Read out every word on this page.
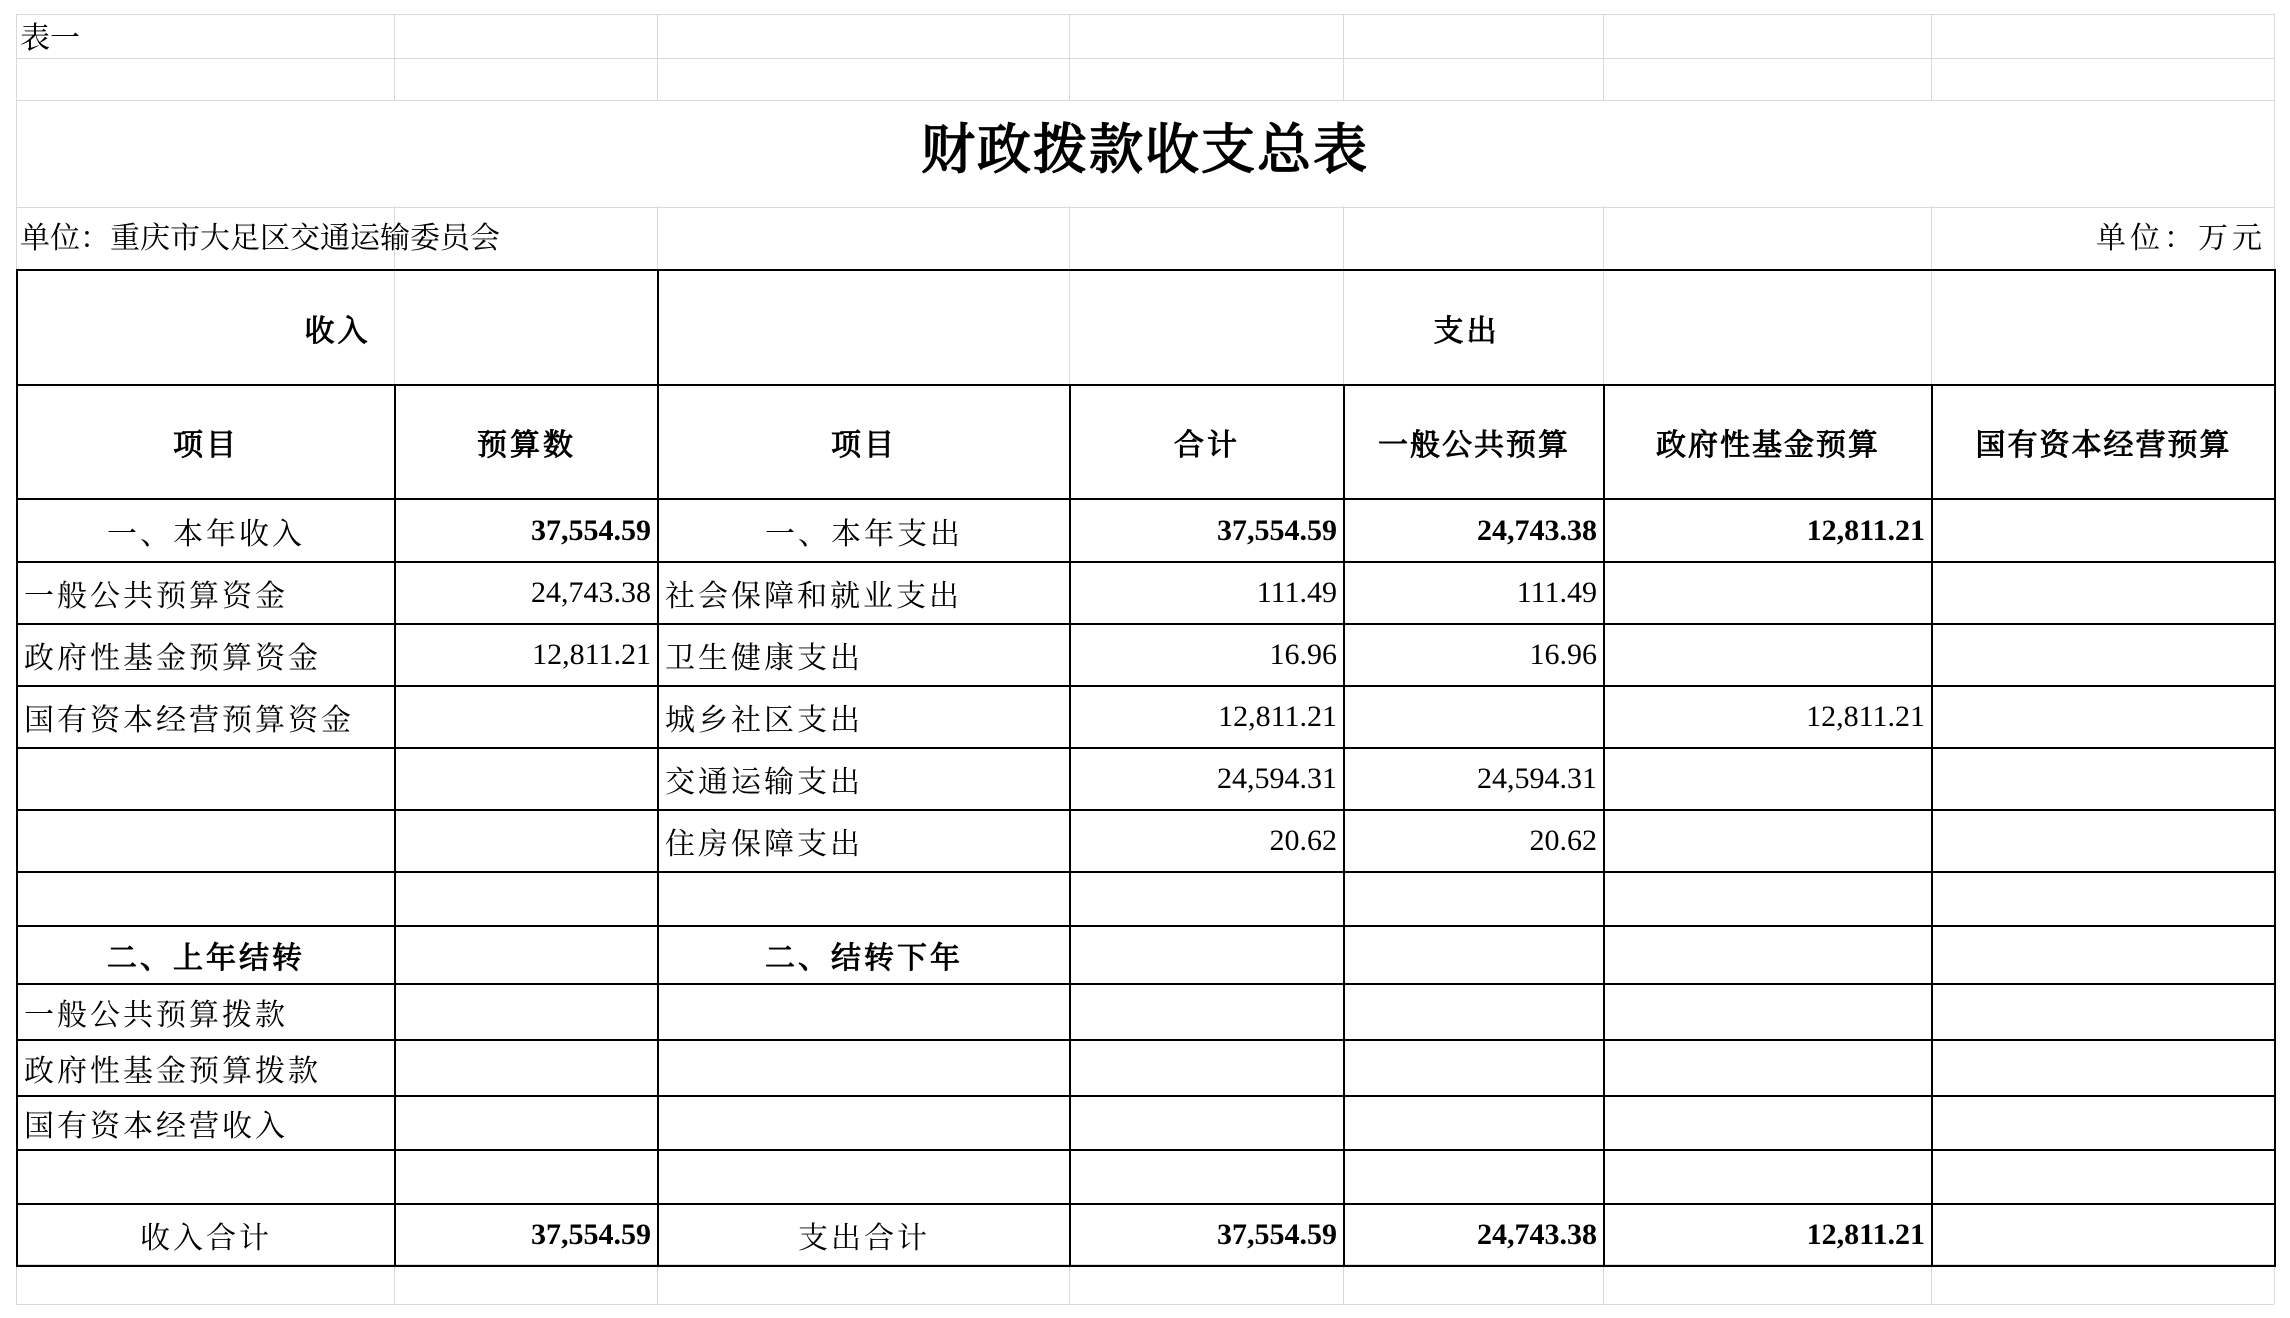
表一
财政拨款收支总表
单位：重庆市大足区交通运输委员会	单位：万元
收入		支出				
项目	预算数	项目	合计	一般公共预算	政府性基金预算	国有资本经营预算
一、本年收入	37,554.59	一、本年支出	37,554.59	24,743.38	12,811.21	
一般公共预算资金	24,743.38	社会保障和就业支出	111.49	111.49		
政府性基金预算资金	12,811.21	卫生健康支出	16.96	16.96		
国有资本经营预算资金		城乡社区支出	12,811.21		12,811.21	
		交通运输支出	24,594.31	24,594.31		
		住房保障支出	20.62	20.62		

二、上年结转		二、结转下年				
一般公共预算拨款						
政府性基金预算拨款						
国有资本经营收入						

收入合计	37,554.59	支出合计	37,554.59	24,743.38	12,811.21	
